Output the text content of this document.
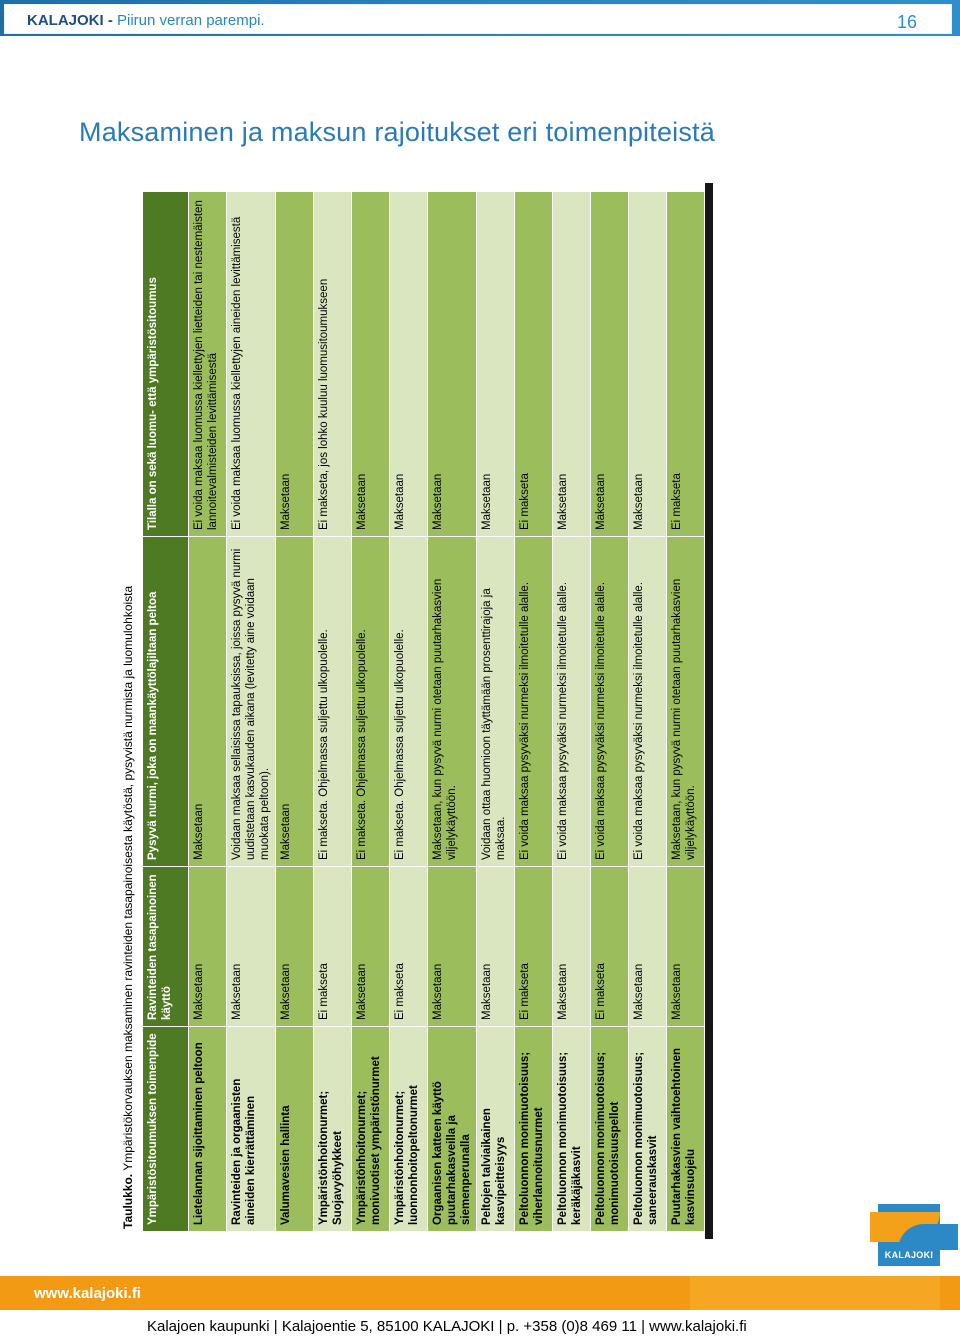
KALAJOKI - Piirun verran parempi.	16
Maksaminen ja maksun rajoitukset eri toimenpiteistä
Taulukko. Ympäristökorvauksen maksaminen ravinteiden tasapainoisesta käytöstä, pysyvistä nurmista ja luomulohkoista	Ympäristösitoumuksen toimenpide
Ravinteiden tasapainoinen käyttö
Pysyvä nurmi, joka on maankäyttölajiltaan peltoa
Tilalla on sekä luomu- että ympäristösitoumus
Lietelannan sijoittaminen peltoon
Maksetaan
Maksetaan
Ei voida maksaa luomussa kiellettyjen lietteiden tai nestemäisten lannoitevalmisteiden levittämisestä
Ravinteiden ja orgaanisten aineiden kierrättäminen
Maksetaan
Voidaan maksaa sellaisissa tapauksissa, joissa pysyvä nurmi uudistetaan kasvukauden aikana (levitetty aine voidaan muokata peltoon).
Ei voida maksaa luomussa kiellettyjen aineiden levittämisestä
Valumavesien hallinta
Maksetaan
Maksetaan
Maksetaan
Ympäristönhoitonurmet; Suojavyöhykkeet
Ei makseta
Ei makseta. Ohjelmassa suljettu ulkopuolelle.
Ei makseta, jos lohko kuuluu luomusitoumukseen
Ympäristönhoitonurmet; monivuotiset ympäristönurmet
Maksetaan
Ei makseta. Ohjelmassa suljettu ulkopuolelle.
Maksetaan
Ympäristönhoitonurmet; luonnonhoitopeltonurmet
Ei makseta
Ei makseta. Ohjelmassa suljettu ulkopuolelle.
Maksetaan
Orgaanisen katteen käyttö puutarhakasveilla ja siemenperunalla
Maksetaan
Maksetaan, kun pysyvä nurmi otetaan puutarhakasvien viljelykäyttöön.
Maksetaan
Peltojen talviaikainen kasvipeitteisyys
Maksetaan
Voidaan ottaa huomioon täyttämään prosenttirajoja ja maksaa.
Maksetaan
Peltoluonnon monimuotoisuus; viherlannoitusnurmet
Ei makseta
Ei voida maksaa pysyväksi nurmeksi ilmoitetulle alalle.
Ei makseta
Peltoluonnon monimuotoisuus; keräkäjäkasvit
Maksetaan
Ei voida maksaa pysyväksi nurmeksi ilmoitetulle alalle.
Maksetaan
Peltoluonnon monimuotoisuus; monimuotoisuuspellot
Ei makseta
Ei voida maksaa pysyväksi nurmeksi ilmoitetulle alalle.
Maksetaan
Peltoluonnon monimuotoisuus; saneerauskasvit
Maksetaan
Ei voida maksaa pysyväksi nurmeksi ilmoitetulle alalle.
Maksetaan
Puutarhakasvien vaihtoehtoinen kasvinsuojelu
Maksetaan
Maksetaan, kun pysyvä nurmi otetaan puutarhakasvien viljelykäyttöön.
Ei makseta
KALAJOKI
www.kalajoki.fi
Kalajoen kaupunki | Kalajoentie 5, 85100 KALAJOKI | p. +358 (0)8 469 11 | www.kalajoki.fi
